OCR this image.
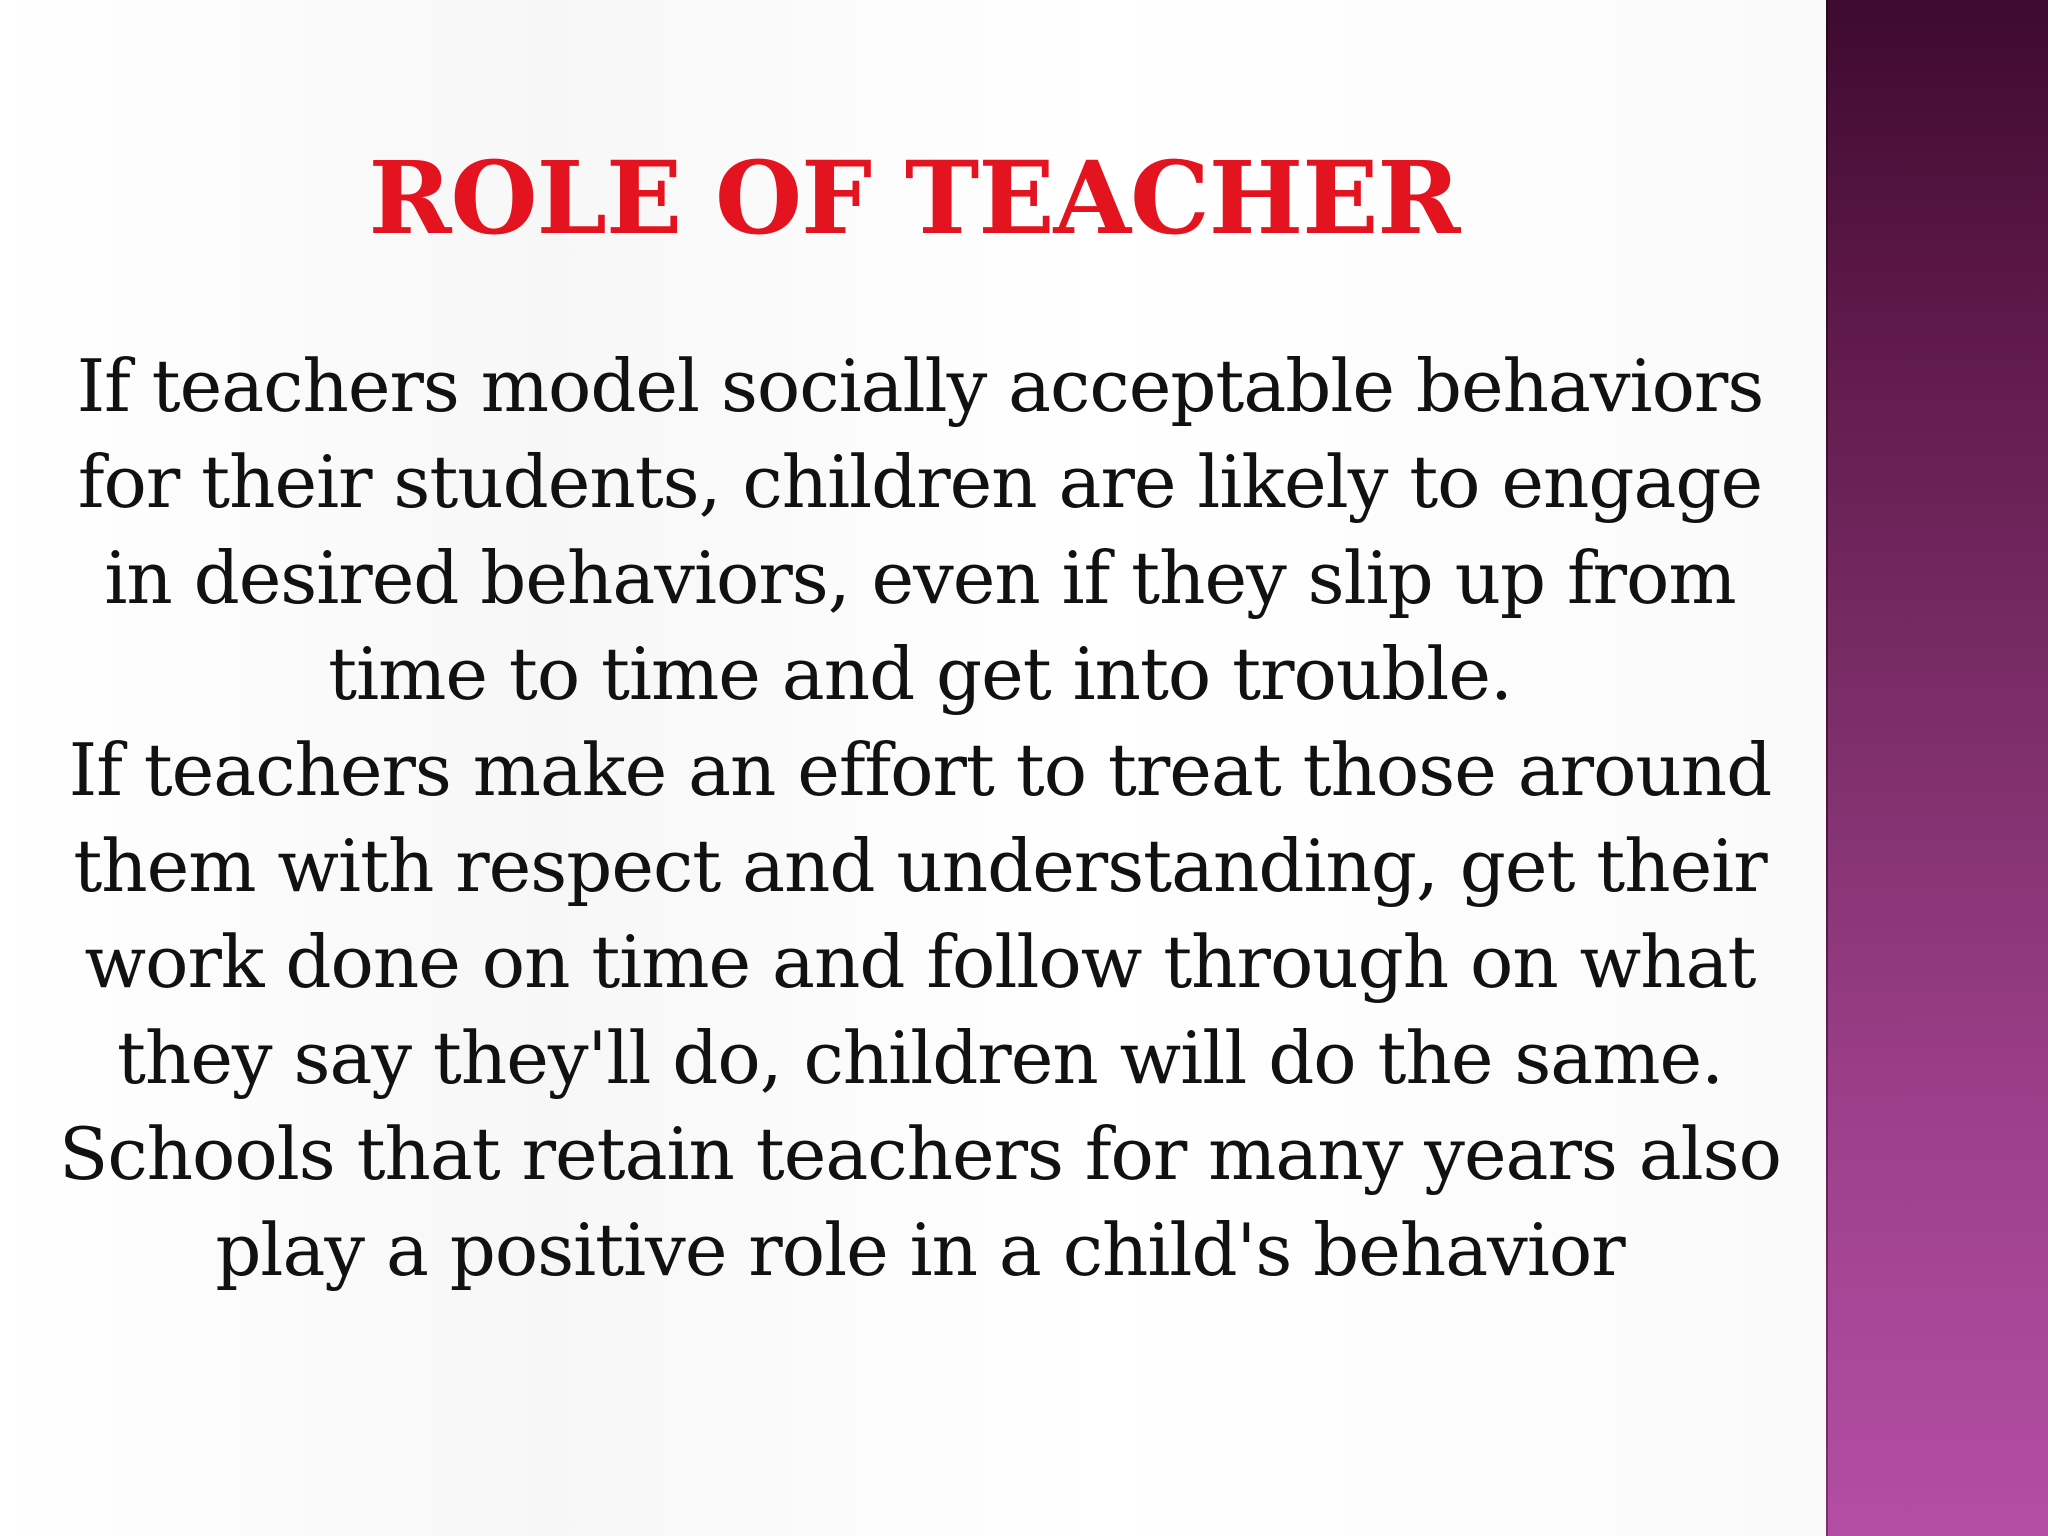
ROLE OF TEACHER
If teachers model socially acceptable behaviors
for their students, children are likely to engage
in desired behaviors, even if they slip up from
time to time and get into trouble.
If teachers make an effort to treat those around
them with respect and understanding, get their
work done on time and follow through on what
they say they'll do, children will do the same.
Schools that retain teachers for many years also
play a positive role in a child's behavior
